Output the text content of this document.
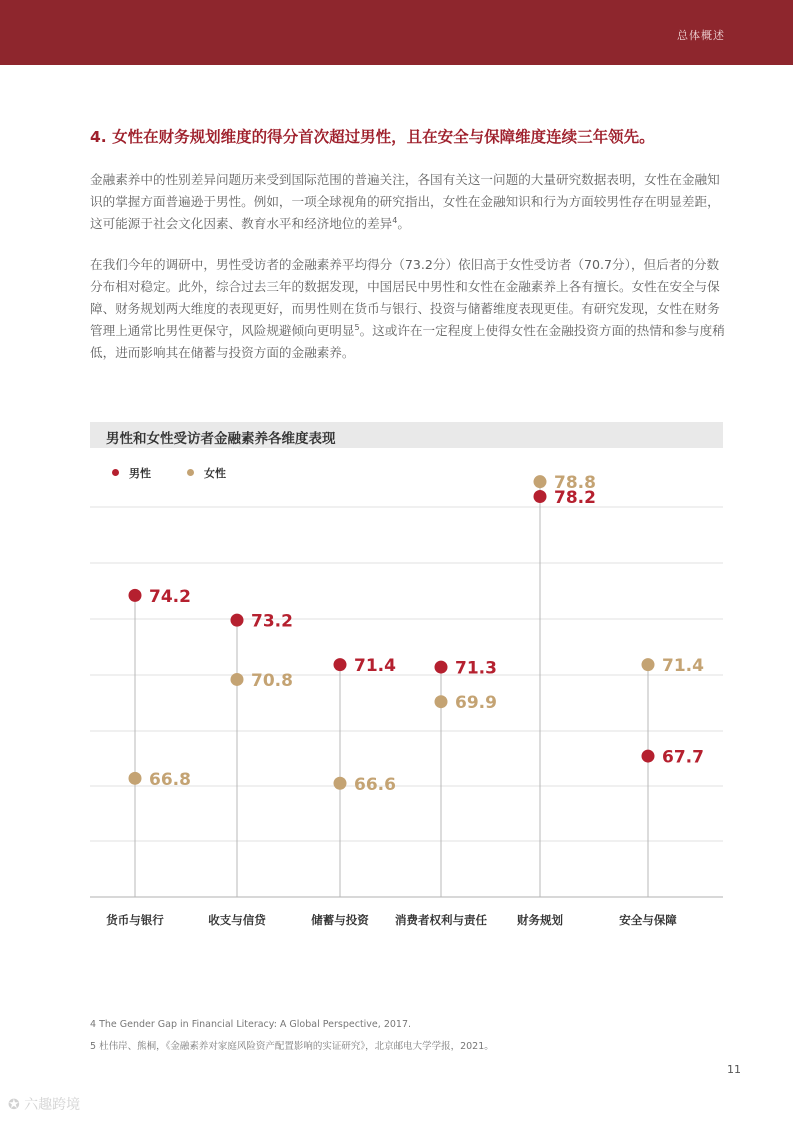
总体概述
4. 女性在财务规划维度的得分首次超过男性，且在安全与保障维度连续三年领先。

金融素养中的性别差异问题历来受到国际范围的普遍关注，各国有关这一问题的大量研究数据表明，女性在金融知识的掌握方面普遍逊于男性。例如，一项全球视角的研究指出，女性在金融知识和行为方面较男性存在明显差距，这可能源于社会文化因素、教育水平和经济地位的差异$^4$。

在我们今年的调研中，男性受访者的金融素养平均得分（73.2分）依旧高于女性受访者（70.7分），但后者的分数分布相对稳定。此外，综合过去三年的数据发现，中国居民中男性和女性在金融素养上各有擅长。女性在安全与保障、财务规划两大维度的表现更好，而男性则在货币与银行、投资与储蓄维度表现更佳。有研究发现，女性在财务管理上通常比男性更保守，风险规避倾向更明显$^5$。这或许在一定程度上使得女性在金融投资方面的热情和参与度稍低，进而影响其在储蓄与投资方面的金融素养。

男性和女性受访者金融素养各维度表现
男性	女性
货币与银行	收支与信贷	储蓄与投资 消费者权利与责任	财务规划	安全与保障
74.2
73.2
71.4	71.3
78.2
67.7
66.8
70.8
66.6
69.9
78.8
71.4
4 The Gender Gap in Financial Literacy: A Global Perspective, 2017.
5 杜伟岸、熊桐，《金融素养对家庭风险资产配置影响的实证研究》，北京邮电大学学报，2021。
11
✪ 六趣跨境
